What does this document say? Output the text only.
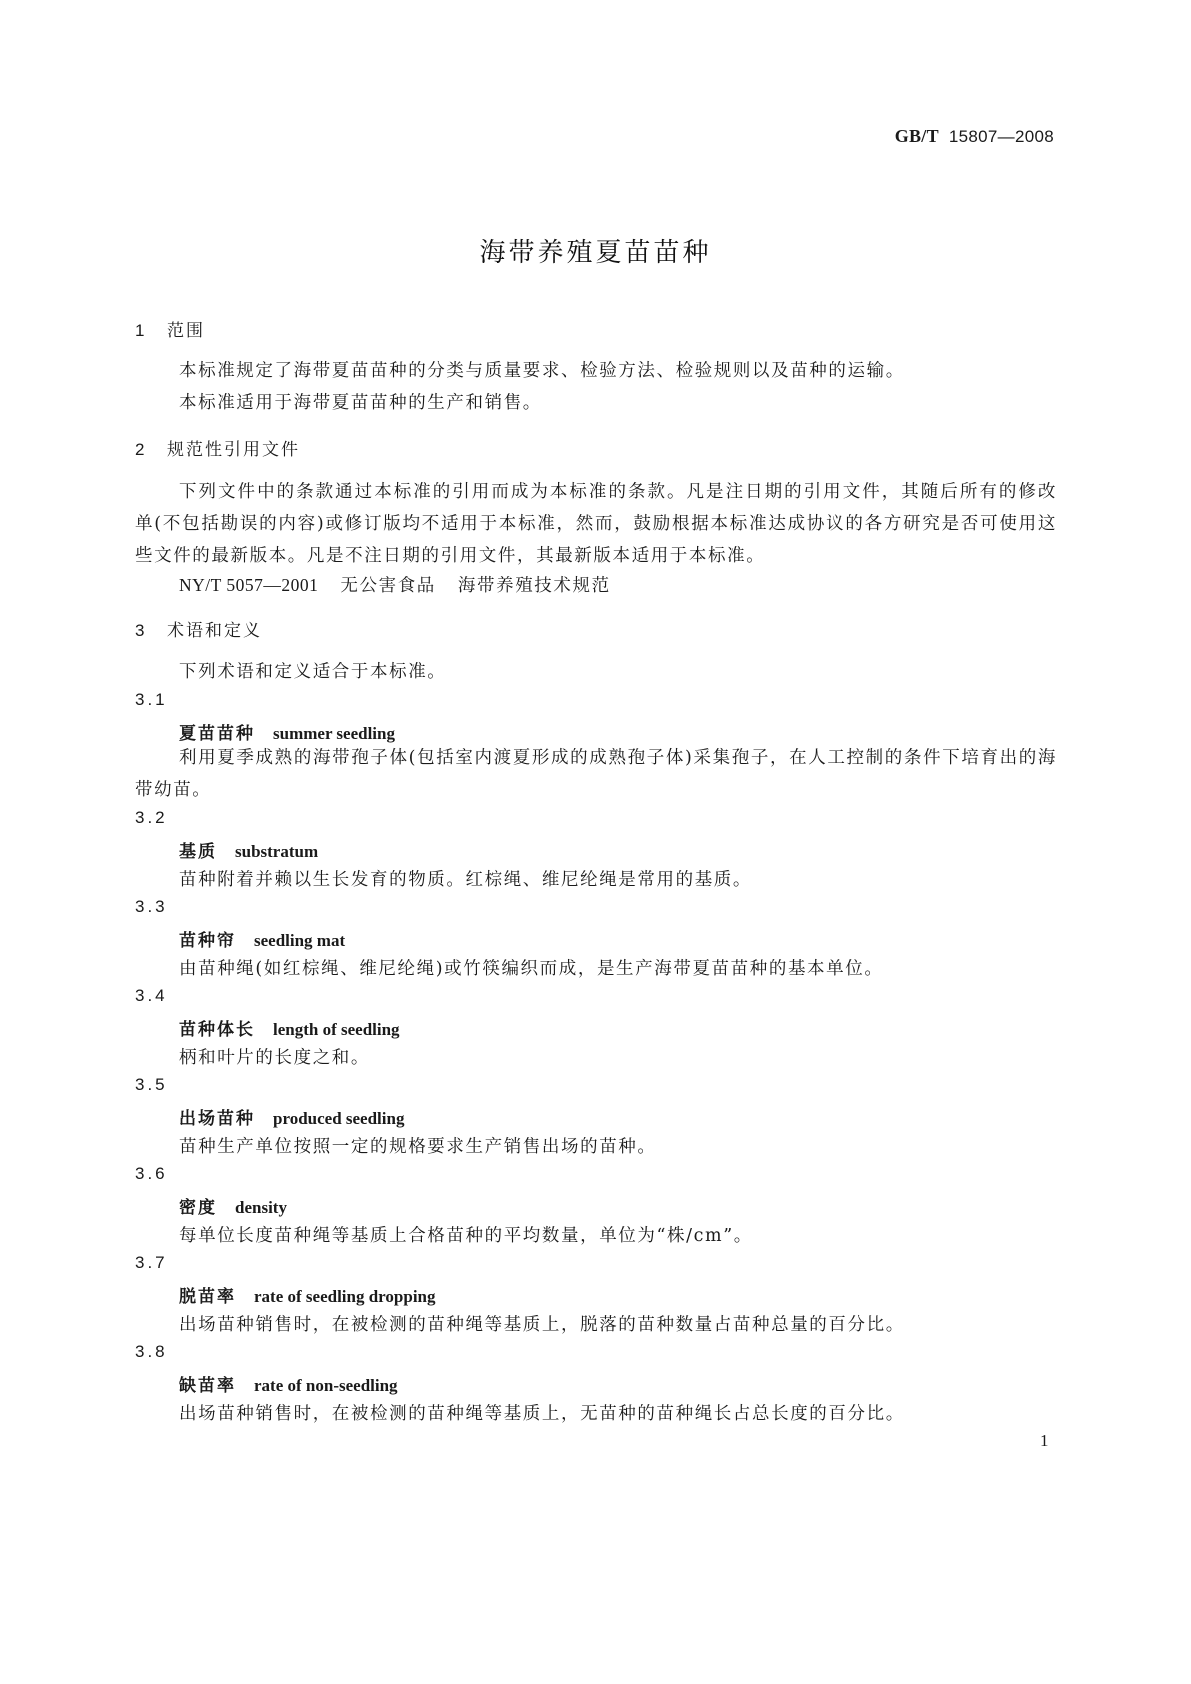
GB/T 15807—2008
海带养殖夏苗苗种
1 范围
本标准规定了海带夏苗苗种的分类与质量要求、检验方法、检验规则以及苗种的运输。
本标准适用于海带夏苗苗种的生产和销售。
2 规范性引用文件
下列文件中的条款通过本标准的引用而成为本标准的条款。凡是注日期的引用文件，其随后所有的修改单(不包括勘误的内容)或修订版均不适用于本标准，然而，鼓励根据本标准达成协议的各方研究是否可使用这些文件的最新版本。凡是不注日期的引用文件，其最新版本适用于本标准。
NY/T 5057—2001 无公害食品 海带养殖技术规范
3 术语和定义
下列术语和定义适合于本标准。
3.1
夏苗苗种 summer seedling
利用夏季成熟的海带孢子体(包括室内渡夏形成的成熟孢子体)采集孢子，在人工控制的条件下培育出的海带幼苗。
3.2
基质 substratum
苗种附着并赖以生长发育的物质。红棕绳、维尼纶绳是常用的基质。
3.3
苗种帘 seedling mat
由苗种绳(如红棕绳、维尼纶绳)或竹筷编织而成，是生产海带夏苗苗种的基本单位。
3.4
苗种体长 length of seedling
柄和叶片的长度之和。
3.5
出场苗种 produced seedling
苗种生产单位按照一定的规格要求生产销售出场的苗种。
3.6
密度 density
每单位长度苗种绳等基质上合格苗种的平均数量，单位为“株/cm”。
3.7
脱苗率 rate of seedling dropping
出场苗种销售时，在被检测的苗种绳等基质上，脱落的苗种数量占苗种总量的百分比。
3.8
缺苗率 rate of non-seedling
出场苗种销售时，在被检测的苗种绳等基质上，无苗种的苗种绳长占总长度的百分比。
1
